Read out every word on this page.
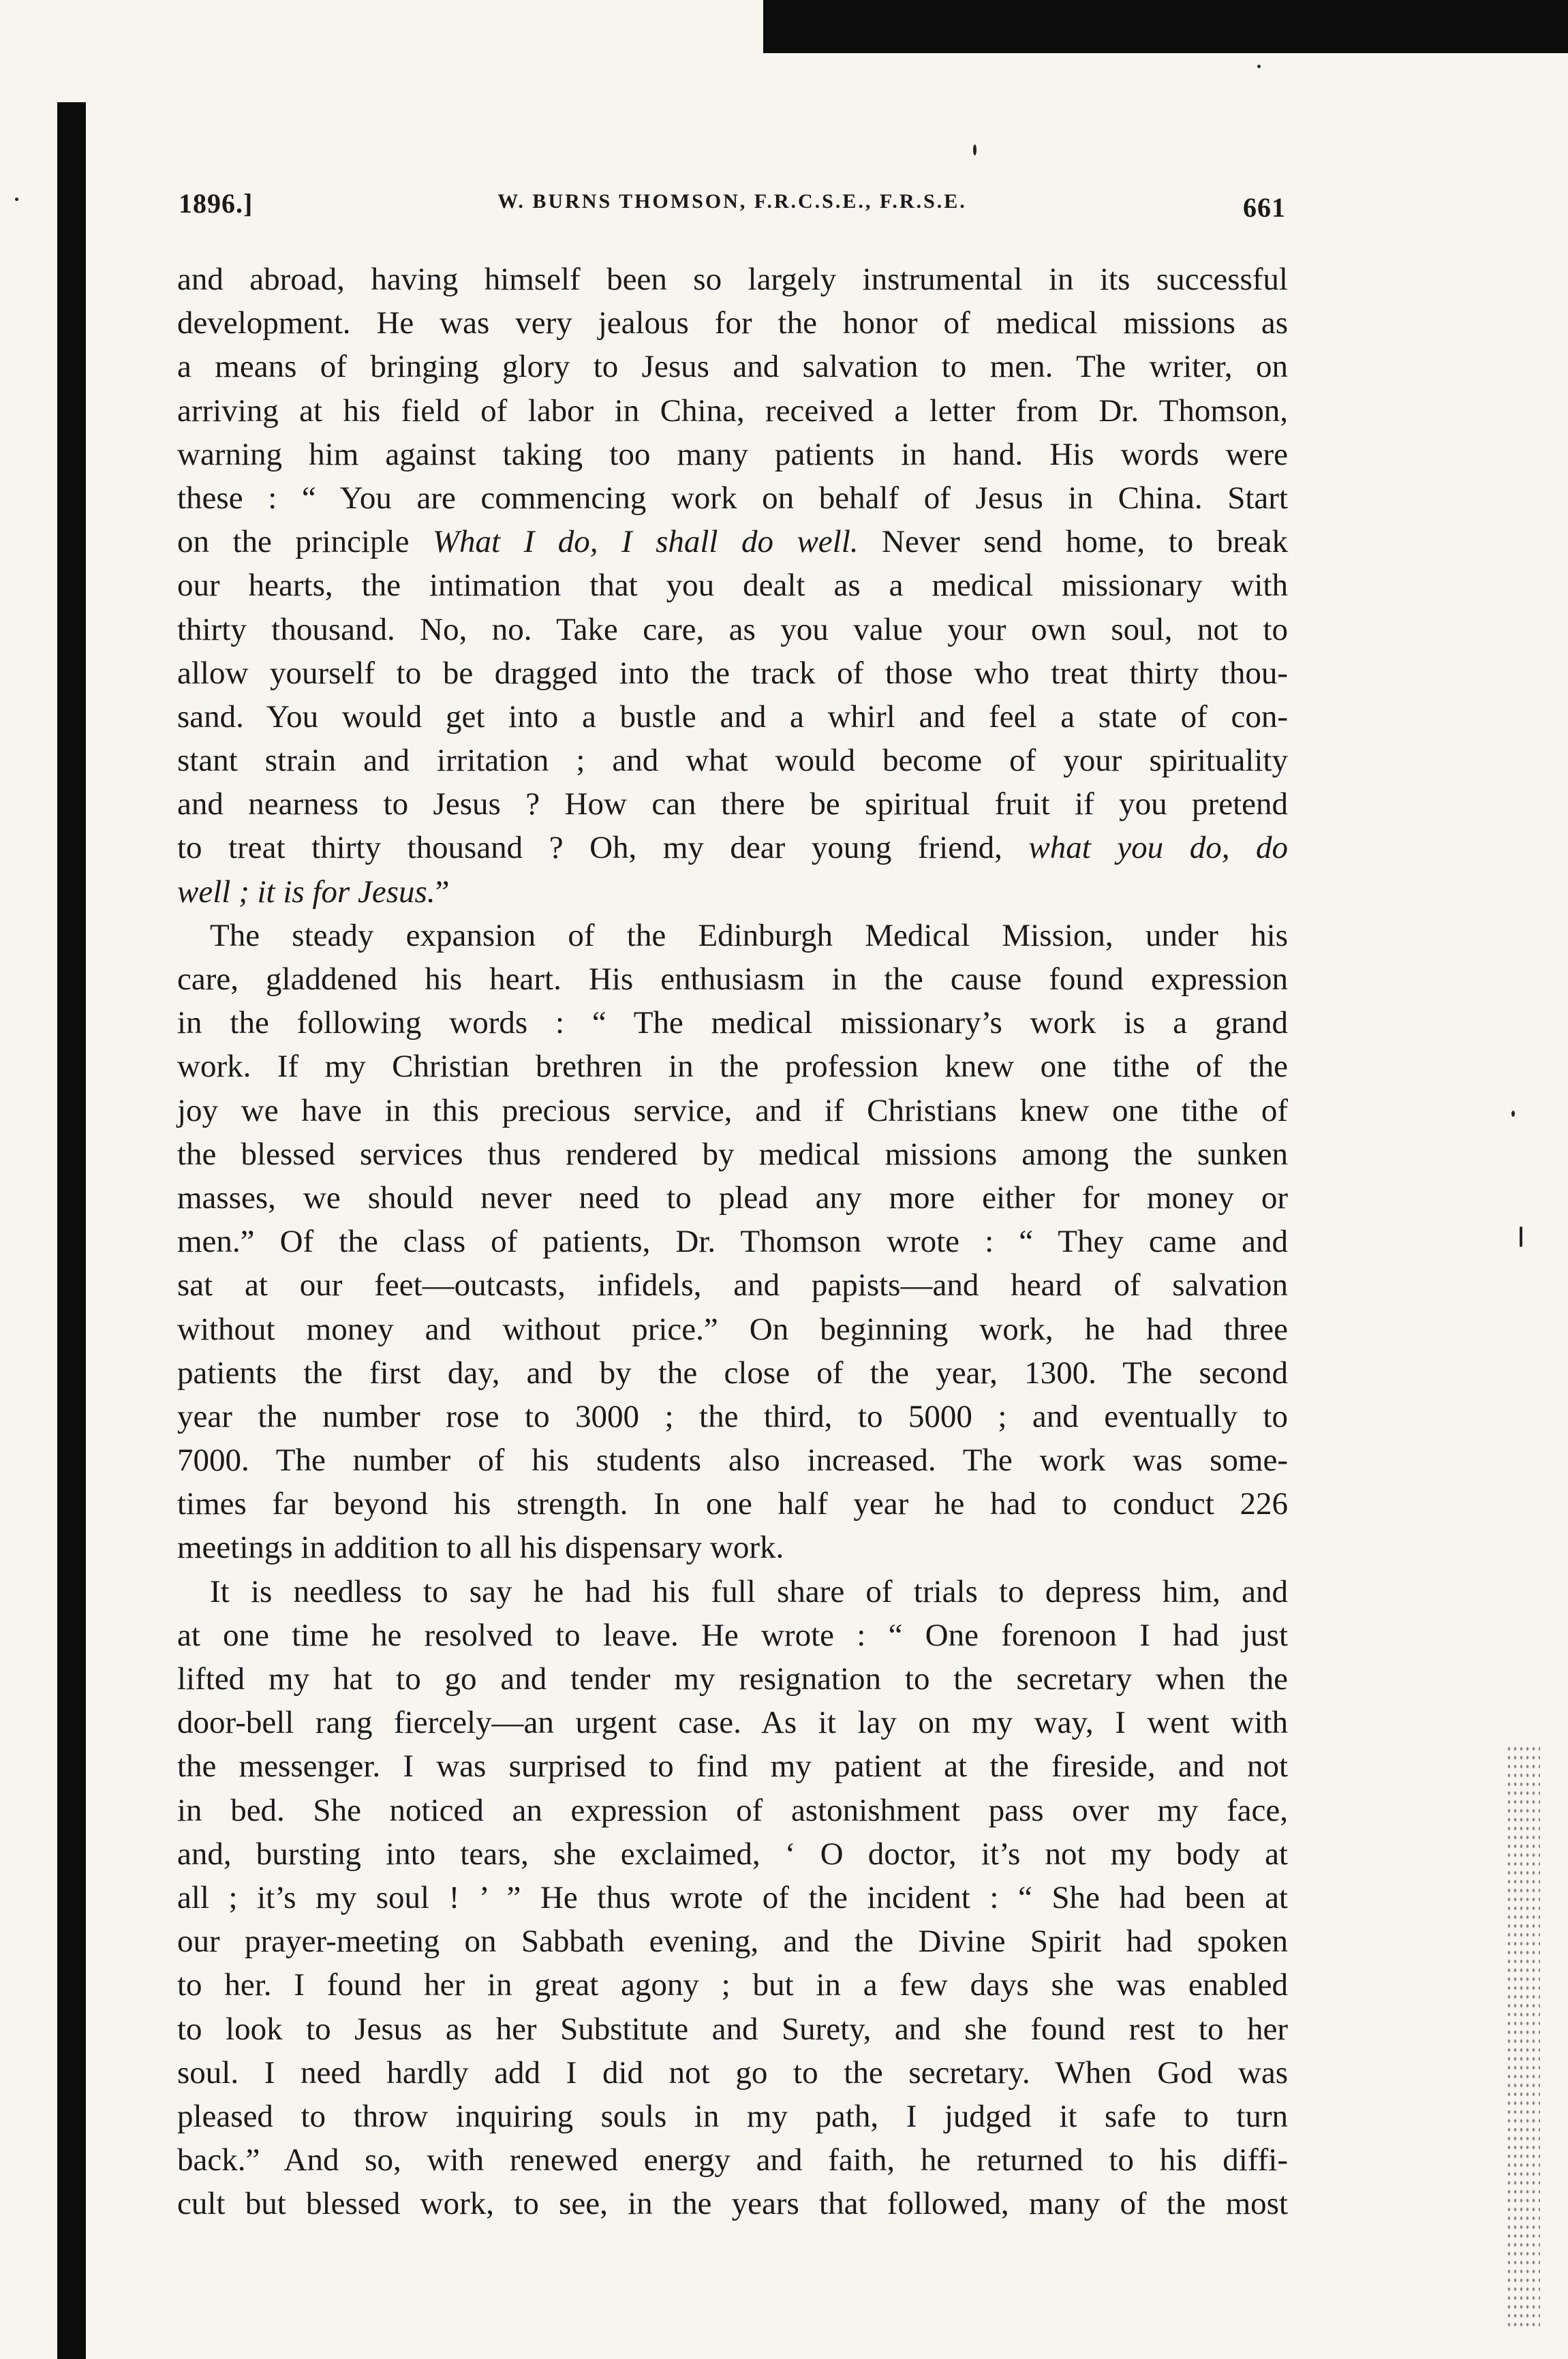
1896.]	W. BURNS THOMSON, F.R.C.S.E., F.R.S.E.	661
and abroad, having himself been so largely instrumental in its successful
development. He was very jealous for the honor of medical missions as
a means of bringing glory to Jesus and salvation to men. The writer, on
arriving at his field of labor in China, received a letter from Dr. Thomson,
warning him against taking too many patients in hand. His words were
these : “ You are commencing work on behalf of Jesus in China. Start
on the principle What I do, I shall do well. Never send home, to break
our hearts, the intimation that you dealt as a medical missionary with
thirty thousand. No, no. Take care, as you value your own soul, not to
allow yourself to be dragged into the track of those who treat thirty thou-
sand. You would get into a bustle and a whirl and feel a state of con-
stant strain and irritation ; and what would become of your spirituality
and nearness to Jesus ? How can there be spiritual fruit if you pretend
to treat thirty thousand ? Oh, my dear young friend, what you do, do
well ; it is for Jesus.”
The steady expansion of the Edinburgh Medical Mission, under his
care, gladdened his heart. His enthusiasm in the cause found expression
in the following words : “ The medical missionary’s work is a grand
work. If my Christian brethren in the profession knew one tithe of the
joy we have in this precious service, and if Christians knew one tithe of
the blessed services thus rendered by medical missions among the sunken
masses, we should never need to plead any more either for money or
men.” Of the class of patients, Dr. Thomson wrote : “ They came and
sat at our feet—outcasts, infidels, and papists—and heard of salvation
without money and without price.” On beginning work, he had three
patients the first day, and by the close of the year, 1300. The second
year the number rose to 3000 ; the third, to 5000 ; and eventually to
7000. The number of his students also increased. The work was some-
times far beyond his strength. In one half year he had to conduct 226
meetings in addition to all his dispensary work.
It is needless to say he had his full share of trials to depress him, and
at one time he resolved to leave. He wrote : “ One forenoon I had just
lifted my hat to go and tender my resignation to the secretary when the
door-bell rang fiercely—an urgent case. As it lay on my way, I went with
the messenger. I was surprised to find my patient at the fireside, and not
in bed. She noticed an expression of astonishment pass over my face,
and, bursting into tears, she exclaimed, ‘ O doctor, it’s not my body at
all ; it’s my soul ! ’ ” He thus wrote of the incident : “ She had been at
our prayer-meeting on Sabbath evening, and the Divine Spirit had spoken
to her. I found her in great agony ; but in a few days she was enabled
to look to Jesus as her Substitute and Surety, and she found rest to her
soul. I need hardly add I did not go to the secretary. When God was
pleased to throw inquiring souls in my path, I judged it safe to turn
back.” And so, with renewed energy and faith, he returned to his diffi-
cult but blessed work, to see, in the years that followed, many of the most
